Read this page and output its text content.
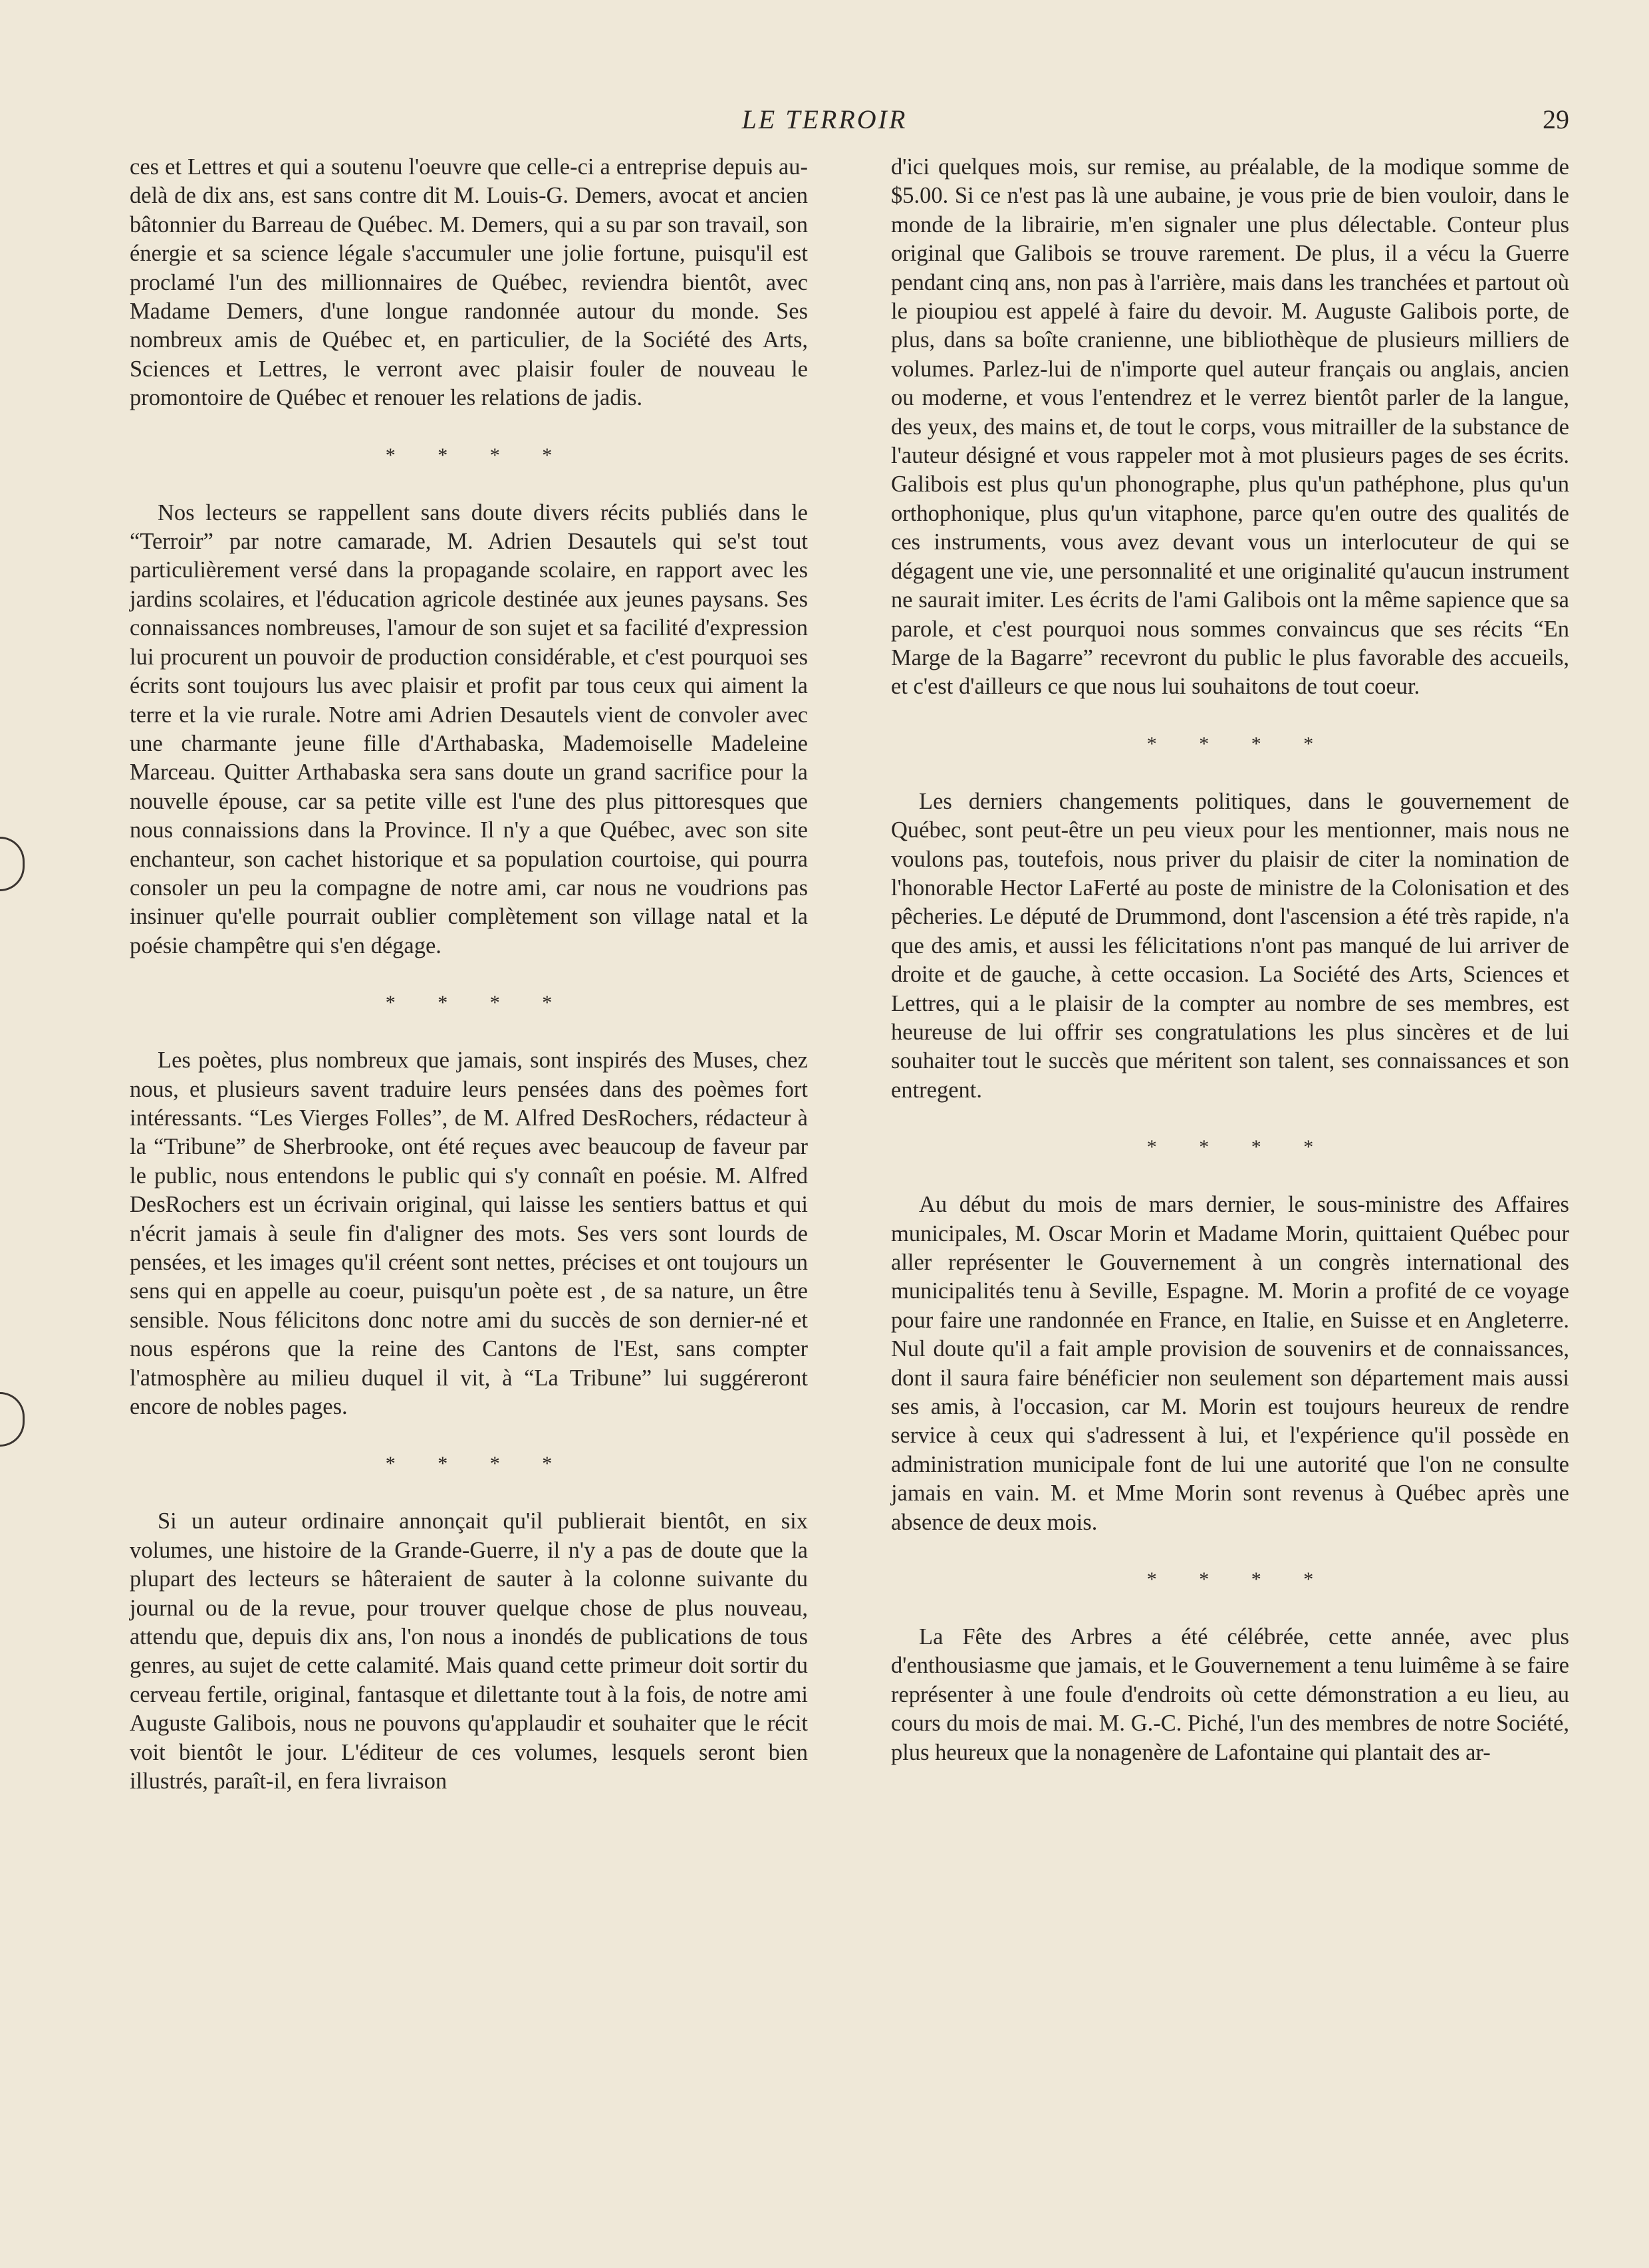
LE TERROIR	29

ces et Lettres et qui a soutenu l'oeuvre que celle-ci a entreprise depuis au-delà de dix ans, est sans contre dit M. Louis-G. Demers, avocat et ancien bâtonnier du Barreau de Québec. M. Demers, qui a su par son travail, son énergie et sa science légale s'accumuler une jolie fortune, puisqu'il est proclamé l'un des millionnaires de Québec, reviendra bientôt, avec Madame Demers, d'une longue randonnée autour du monde. Ses nombreux amis de Québec et, en particulier, de la Société des Arts, Sciences et Lettres, le verront avec plaisir fouler de nouveau le promontoire de Québec et renouer les relations de jadis.

* * * *

Nos lecteurs se rappellent sans doute divers récits publiés dans le “Terroir” par notre camarade, M. Adrien Desautels qui se'st tout particulièrement versé dans la propagande scolaire, en rapport avec les jardins scolaires, et l'éducation agricole destinée aux jeunes paysans. Ses connaissances nombreuses, l'amour de son sujet et sa facilité d'expression lui procurent un pouvoir de production considérable, et c'est pourquoi ses écrits sont toujours lus avec plaisir et profit par tous ceux qui aiment la terre et la vie rurale. Notre ami Adrien Desautels vient de convoler avec une charmante jeune fille d'Arthabaska, Mademoiselle Madeleine Marceau. Quitter Arthabaska sera sans doute un grand sacrifice pour la nouvelle épouse, car sa petite ville est l'une des plus pittoresques que nous connaissions dans la Province. Il n'y a que Québec, avec son site enchanteur, son cachet historique et sa population courtoise, qui pourra consoler un peu la compagne de notre ami, car nous ne voudrions pas insinuer qu'elle pourrait oublier complètement son village natal et la poésie champêtre qui s'en dégage.

* * * *

Les poètes, plus nombreux que jamais, sont inspirés des Muses, chez nous, et plusieurs savent traduire leurs pensées dans des poèmes fort intéressants. “Les Vierges Folles”, de M. Alfred DesRochers, rédacteur à la “Tribune” de Sherbrooke, ont été reçues avec beaucoup de faveur par le public, nous entendons le public qui s'y connaît en poésie. M. Alfred DesRochers est un écrivain original, qui laisse les sentiers battus et qui n'écrit jamais à seule fin d'aligner des mots. Ses vers sont lourds de pensées, et les images qu'il créent sont nettes, précises et ont toujours un sens qui en appelle au coeur, puisqu'un poète est , de sa nature, un être sensible. Nous félicitons donc notre ami du succès de son dernier-né et nous espérons que la reine des Cantons de l'Est, sans compter l'atmosphère au milieu duquel il vit, à “La Tribune” lui suggéreront encore de nobles pages.

* * * *

Si un auteur ordinaire annonçait qu'il publierait bientôt, en six volumes, une histoire de la Grande-Guerre, il n'y a pas de doute que la plupart des lecteurs se hâteraient de sauter à la colonne suivante du journal ou de la revue, pour trouver quelque chose de plus nouveau, attendu que, depuis dix ans, l'on nous a inondés de publications de tous genres, au sujet de cette calamité. Mais quand cette primeur doit sortir du cerveau fertile, original, fantasque et dilettante tout à la fois, de notre ami Auguste Galibois, nous ne pouvons qu'applaudir et souhaiter que le récit voit bientôt le jour. L'éditeur de ces volumes, lesquels seront bien illustrés, paraît-il, en fera livraison

d'ici quelques mois, sur remise, au préalable, de la modique somme de $5.00. Si ce n'est pas là une aubaine, je vous prie de bien vouloir, dans le monde de la librairie, m'en signaler une plus délectable. Conteur plus original que Galibois se trouve rarement. De plus, il a vécu la Guerre pendant cinq ans, non pas à l'arrière, mais dans les tranchées et partout où le pioupiou est appelé à faire du devoir. M. Auguste Galibois porte, de plus, dans sa boîte cranienne, une bibliothèque de plusieurs milliers de volumes. Parlez-lui de n'importe quel auteur français ou anglais, ancien ou moderne, et vous l'entendrez et le verrez bientôt parler de la langue, des yeux, des mains et, de tout le corps, vous mitrailler de la substance de l'auteur désigné et vous rappeler mot à mot plusieurs pages de ses écrits. Galibois est plus qu'un phonographe, plus qu'un pathéphone, plus qu'un orthophonique, plus qu'un vitaphone, parce qu'en outre des qualités de ces instruments, vous avez devant vous un interlocuteur de qui se dégagent une vie, une personnalité et une originalité qu'aucun instrument ne saurait imiter. Les écrits de l'ami Galibois ont la même sapience que sa parole, et c'est pourquoi nous sommes convaincus que ses récits “En Marge de la Bagarre” recevront du public le plus favorable des accueils, et c'est d'ailleurs ce que nous lui souhaitons de tout coeur.

* * * *

Les derniers changements politiques, dans le gouvernement de Québec, sont peut-être un peu vieux pour les mentionner, mais nous ne voulons pas, toutefois, nous priver du plaisir de citer la nomination de l'honorable Hector LaFerté au poste de ministre de la Colonisation et des pêcheries. Le député de Drummond, dont l'ascension a été très rapide, n'a que des amis, et aussi les félicitations n'ont pas manqué de lui arriver de droite et de gauche, à cette occasion. La Société des Arts, Sciences et Lettres, qui a le plaisir de la compter au nombre de ses membres, est heureuse de lui offrir ses congratulations les plus sincères et de lui souhaiter tout le succès que méritent son talent, ses connaissances et son entregent.

* * * *

Au début du mois de mars dernier, le sous-ministre des Affaires municipales, M. Oscar Morin et Madame Morin, quittaient Québec pour aller représenter le Gouvernement à un congrès international des municipalités tenu à Seville, Espagne. M. Morin a profité de ce voyage pour faire une randonnée en France, en Italie, en Suisse et en Angleterre. Nul doute qu'il a fait ample provision de souvenirs et de connaissances, dont il saura faire bénéficier non seulement son département mais aussi ses amis, à l'occasion, car M. Morin est toujours heureux de rendre service à ceux qui s'adressent à lui, et l'expérience qu'il possède en administration municipale font de lui une autorité que l'on ne consulte jamais en vain. M. et Mme Morin sont revenus à Québec après une absence de deux mois.

* * * *

La Fête des Arbres a été célébrée, cette année, avec plus d'enthousiasme que jamais, et le Gouvernement a tenu luimême à se faire représenter à une foule d'endroits où cette démonstration a eu lieu, au cours du mois de mai. M. G.-C. Piché, l'un des membres de notre Société, plus heureux que la nonagenère de Lafontaine qui plantait des ar-
